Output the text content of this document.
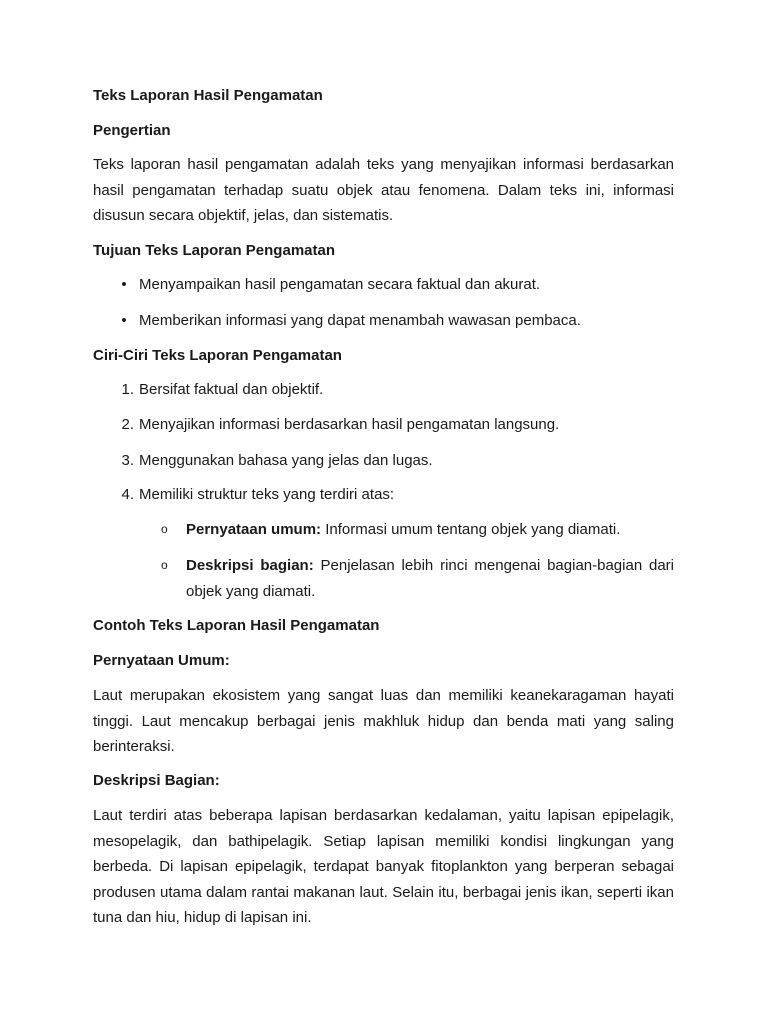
Teks Laporan Hasil Pengamatan
Pengertian

Teks laporan hasil pengamatan adalah teks yang menyajikan informasi berdasarkan hasil pengamatan terhadap suatu objek atau fenomena. Dalam teks ini, informasi disusun secara objektif, jelas, dan sistematis.

Tujuan Teks Laporan Pengamatan
• Menyampaikan hasil pengamatan secara faktual dan akurat.
• Memberikan informasi yang dapat menambah wawasan pembaca.
Ciri-Ciri Teks Laporan Pengamatan
1. Bersifat faktual dan objektif.
2. Menyajikan informasi berdasarkan hasil pengamatan langsung.
3. Menggunakan bahasa yang jelas dan lugas.
4. Memiliki struktur teks yang terdiri atas:
o Pernyataan umum: Informasi umum tentang objek yang diamati.
o Deskripsi bagian: Penjelasan lebih rinci mengenai bagian-bagian dari objek yang diamati.
Contoh Teks Laporan Hasil Pengamatan
Pernyataan Umum:

Laut merupakan ekosistem yang sangat luas dan memiliki keanekaragaman hayati tinggi. Laut mencakup berbagai jenis makhluk hidup dan benda mati yang saling berinteraksi.

Deskripsi Bagian:

Laut terdiri atas beberapa lapisan berdasarkan kedalaman, yaitu lapisan epipelagik, mesopelagik, dan bathipelagik. Setiap lapisan memiliki kondisi lingkungan yang berbeda. Di lapisan epipelagik, terdapat banyak fitoplankton yang berperan sebagai produsen utama dalam rantai makanan laut. Selain itu, berbagai jenis ikan, seperti ikan tuna dan hiu, hidup di lapisan ini.
